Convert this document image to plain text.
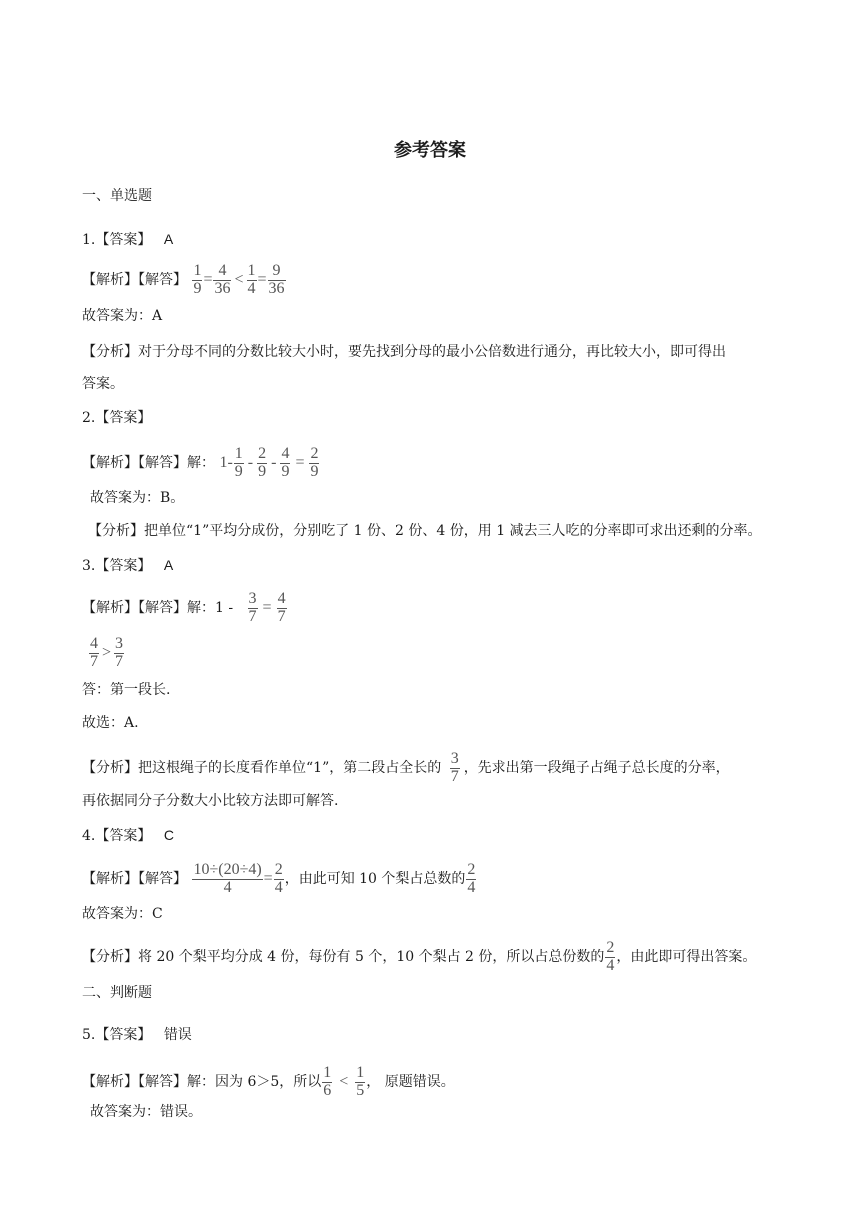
参考答案
一、单选题
1.【答案】 A
【解析】【解答】 $\frac{1}{9} = \frac{4}{36} < \frac{1}{4} = \frac{9}{36}$
故答案为：A
【分析】对于分母不同的分数比较大小时，要先找到分母的最小公倍数进行通分，再比较大小，即可得出
答案。
2.【答案】
【解析】【解答】解： $1- \frac{1}{9} - \frac{2}{9} - \frac{4}{9} = \frac{2}{9}$
故答案为：B。
【分析】把单位“1”平均分成份，分别吃了 1 份、2 份、4 份，用 1 减去三人吃的分率即可求出还剩的分率。
3.【答案】 A
【解析】【解答】解：$1 - \frac{3}{7} = \frac{4}{7}$
$\frac{4}{7} > \frac{3}{7}$
答：第一段长.
故选：A.
【分析】把这根绳子的长度看作单位“1”，第二段占全长的 $\frac{3}{7}$ ，先求出第一段绳子占绳子总长度的分率，
再依据同分子分数大小比较方法即可解答.
4.【答案】 C
【解析】【解答】 $\frac{10\div(20\div 4)}{4} = \frac{2}{4}$ ，由此可知 10 个梨占总数的 $\frac{2}{4}$
故答案为：C
【分析】将 20 个梨平均分成 4 份，每份有 5 个，10 个梨占 2 份，所以占总份数的 $\frac{2}{4}$ ，由此即可得出答案。
二、判断题
5.【答案】 错误
【解析】【解答】解：因为 6＞5，所以 $\frac{1}{6} < \frac{1}{5}$ ， 原题错误。
故答案为：错误。
